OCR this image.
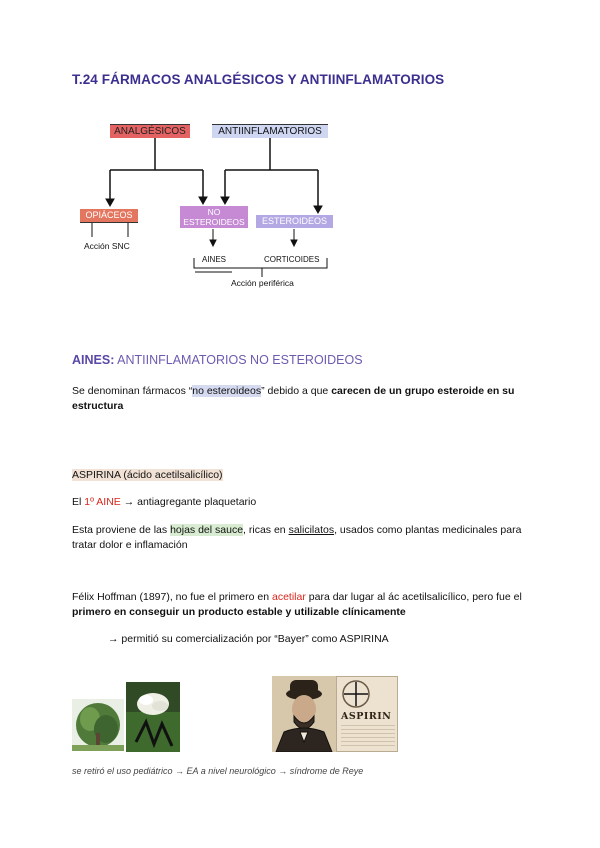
T.24 FÁRMACOS ANALGÉSICOS Y ANTIINFLAMATORIOS
ANALGÉSICOS	ANTIINFLAMATORIOS
OPIÁCEOS	NO
ESTEROIDEOS	ESTEROIDEOS
Acción SNC
AINES	CORTICOIDES
Acción periférica
AINES: ANTIINFLAMATORIOS NO ESTEROIDEOS
Se denominan fármacos “no esteroideos” debido a que carecen de un grupo esteroide en su estructura
ASPIRINA (ácido acetilsalicílico)
El 1º AINE → antiagregante plaquetario
Esta proviene de las hojas del sauce, ricas en salicilatos, usados como plantas medicinales para tratar dolor e inflamación
Félix Hoffman (1897), no fue el primero en acetilar para dar lugar al ác acetilsalicílico, pero fue el primero en conseguir un producto estable y utilizable clínicamente
→ permitió su comercialización por “Bayer” como ASPIRINA
ASPIRIN
se retiró el uso pediátrico → EA a nivel neurológico → síndrome de Reye
